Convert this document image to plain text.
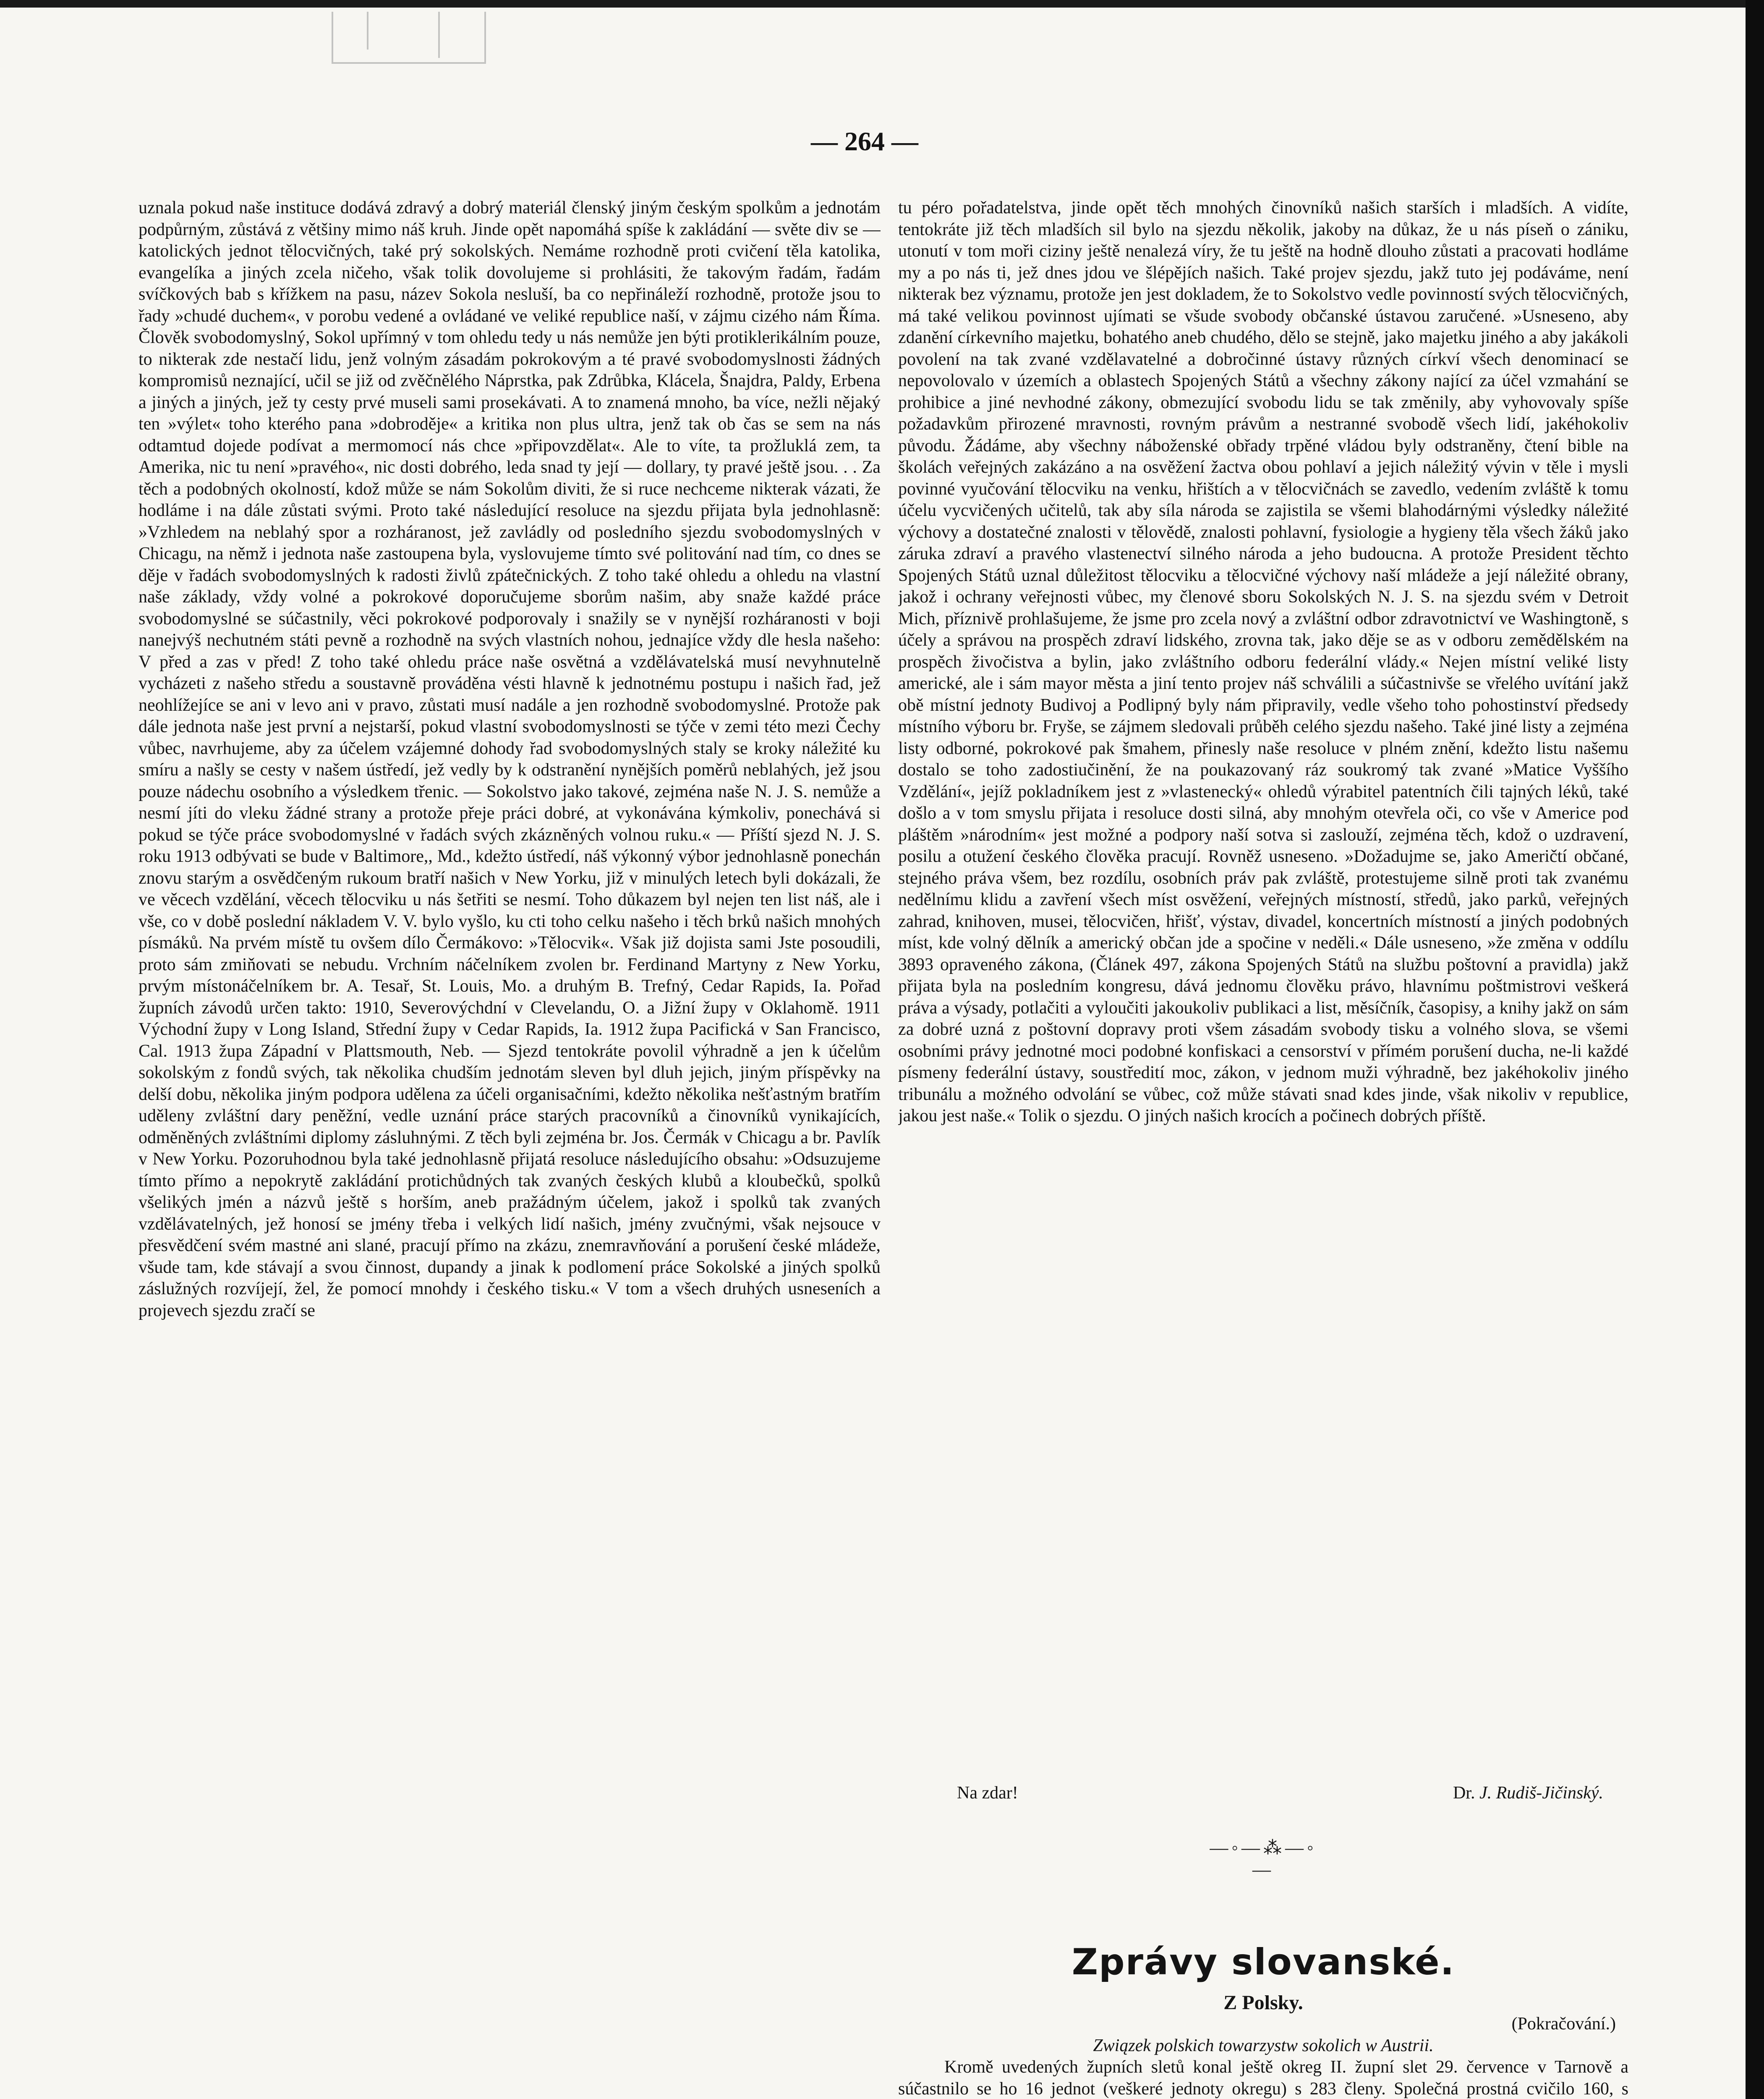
— 264 —

uznala pokud naše instituce dodává zdravý a dobrý materiál členský jiným českým spolkům a jednotám podpůrným, zůstává z většiny mimo náš kruh. Jinde opět napomáhá spíše k zakládání — světe div se — katolických jednot tělocvičných, také prý sokolských. Nemáme rozhodně proti cvičení těla katolika, evangelíka a jiných zcela ničeho, však tolik dovolujeme si prohlásiti, že takovým řadám, řadám svíčkových bab s křížkem na pasu, název Sokola nesluší, ba co nepřináleží rozhodně, protože jsou to řady »chudé duchem«, v porobu vedené a ovládané ve veliké republice naší, v zájmu cizého nám Říma. Člověk svobodomyslný, Sokol upřímný v tom ohledu tedy u nás nemůže jen býti protiklerikálním pouze, to nikterak zde nestačí lidu, jenž volným zásadám pokrokovým a té pravé svobodomyslnosti žádných kompromisů neznající, učil se již od zvěčnělého Náprstka, pak Zdrůbka, Klácela, Šnajdra, Paldy, Erbena a jiných a jiných, jež ty cesty prvé museli sami prosekávati. A to znamená mnoho, ba více, nežli nějaký ten »výlet« toho kterého pana »dobroděje« a kritika non plus ultra, jenž tak ob čas se sem na nás odtamtud dojede podívat a mermomocí nás chce »připovzdělat«. Ale to víte, ta prožluklá zem, ta Amerika, nic tu není »pravého«, nic dosti dobrého, leda snad ty její — dollary, ty pravé ještě jsou. . . Za těch a podobných okolností, kdož může se nám Sokolům diviti, že si ruce nechceme nikterak vázati, že hodláme i na dále zůstati svými. Proto také následující resoluce na sjezdu přijata byla jednohlasně: »Vzhledem na neblahý spor a rozháranost, jež zavládly od posledního sjezdu svobodomyslných v Chicagu, na němž i jednota naše zastoupena byla, vyslovujeme tímto své politování nad tím, co dnes se děje v řadách svobodomyslných k radosti živlů zpátečnických. Z toho také ohledu a ohledu na vlastní naše základy, vždy volné a pokrokové doporučujeme sborům našim, aby snaže každé práce svobodomyslné se súčastnily, věci pokrokové podporovaly i snažily se v nynější rozháranosti v boji nanejvýš nechutném státi pevně a rozhodně na svých vlastních nohou, jednajíce vždy dle hesla našeho: V před a zas v před! Z toho také ohledu práce naše osvětná a vzdělávatelská musí nevyhnutelně vycházeti z našeho středu a soustavně prováděna vésti hlavně k jednotnému postupu i našich řad, jež neohlížejíce se ani v levo ani v pravo, zůstati musí nadále a jen rozhodně svobodomyslné. Protože pak dále jednota naše jest první a nejstarší, pokud vlastní svobodomyslnosti se týče v zemi této mezi Čechy vůbec, navrhujeme, aby za účelem vzájemné dohody řad svobodomyslných staly se kroky náležité ku smíru a našly se cesty v našem ústředí, jež vedly by k odstranění nynějších poměrů neblahých, jež jsou pouze nádechu osobního a výsledkem třenic. — Sokolstvo jako takové, zejména naše N. J. S. nemůže a nesmí jíti do vleku žádné strany a protože přeje práci dobré, at vykonávána kýmkoliv, ponechává si pokud se týče práce svobodomyslné v řadách svých zkázněných volnou ruku.« — Příští sjezd N. J. S. roku 1913 odbývati se bude v Baltimore,, Md., kdežto ústředí, náš výkonný výbor jednohlasně ponechán znovu starým a osvědčeným rukoum bratří našich v New Yorku, již v minulých letech byli dokázali, že ve věcech vzdělání, věcech tělocviku u nás šetřiti se nesmí. Toho důkazem byl nejen ten list náš, ale i vše, co v době poslední nákladem V. V. bylo vyšlo, ku cti toho celku našeho i těch brků našich mnohých písmáků. Na prvém místě tu ovšem dílo Čermákovo: »Tělocvik«. Však již dojista sami Jste posoudili, proto sám zmiňovati se nebudu. Vrchním náčelníkem zvolen br. Ferdinand Martyny z New Yorku, prvým místonáčelníkem br. A. Tesař, St. Louis, Mo. a druhým B. Trefný, Cedar Rapids, Ia. Pořad župních závodů určen takto: 1910, Severovýchdní v Clevelandu, O. a Jižní župy v Oklahomě. 1911 Východní župy v Long Island, Střední župy v Cedar Rapids, Ia. 1912 župa Pacifická v San Francisco, Cal. 1913 župa Západní v Plattsmouth, Neb. — Sjezd tentokráte povolil výhradně a jen k účelům sokolským z fondů svých, tak několika chudším jednotám sleven byl dluh jejich, jiným příspěvky na delší dobu, několika jiným podpora udělena za účeli organisačními, kdežto několika nešťastným bratřím uděleny zvláštní dary peněžní, vedle uznání práce starých pracovníků a činovníků vynikajících, odměněných zvláštními diplomy zásluhnými. Z těch byli zejména br. Jos. Čermák v Chicagu a br. Pavlík v New Yorku. Pozoruhodnou byla také jednohlasně přijatá resoluce následujícího obsahu: »Odsuzujeme tímto přímo a nepokrytě zakládání protichůdných tak zvaných českých klubů a kloubečků, spolků všelikých jmén a názvů ještě s horším, aneb pražádným účelem, jakož i spolků tak zvaných vzdělávatelných, jež honosí se jmény třeba i velkých lidí našich, jmény zvučnými, však nejsouce v přesvědčení svém mastné ani slané, pracují přímo na zkázu, znemravňování a porušení české mládeže, všude tam, kde stávají a svou činnost, dupandy a jinak k podlomení práce Sokolské a jiných spolků záslužných rozvíjejí, žel, že pomocí mnohdy i českého tisku.« V tom a všech druhých usneseních a projevech sjezdu zračí se

tu péro pořadatelstva, jinde opět těch mnohých činovníků našich starších i mladších. A vidíte, tentokráte již těch mladších sil bylo na sjezdu několik, jakoby na důkaz, že u nás píseň o zániku, utonutí v tom moři ciziny ještě nenalezá víry, že tu ještě na hodně dlouho zůstati a pracovati hodláme my a po nás ti, jež dnes jdou ve šlépějích našich. Také projev sjezdu, jakž tuto jej podáváme, není nikterak bez významu, protože jen jest dokladem, že to Sokolstvo vedle povinností svých tělocvičných, má také velikou povinnost ujímati se všude svobody občanské ústavou zaručené. »Usneseno, aby zdanění církevního majetku, bohatého aneb chudého, dělo se stejně, jako majetku jiného a aby jakákoli povolení na tak zvané vzdělavatelné a dobročinné ústavy různých církví všech denominací se nepovolovalo v územích a oblastech Spojených Států a všechny zákony nající za účel vzmahání se prohibice a jiné nevhodné zákony, obmezující svobodu lidu se tak změnily, aby vyhovovaly spíše požadavkům přirozené mravnosti, rovným právům a nestranné svobodě všech lidí, jakéhokoliv původu. Žádáme, aby všechny náboženské obřady trpěné vládou byly odstraněny, čtení bible na školách veřejných zakázáno a na osvěžení žactva obou pohlaví a jejich náležitý vývin v těle i mysli povinné vyučování tělocviku na venku, hřištích a v tělocvičnách se zavedlo, vedením zvláště k tomu účelu vycvičených učitelů, tak aby síla národa se zajistila se všemi blahodárnými výsledky náležité výchovy a dostatečné znalosti v tělovědě, znalosti pohlavní, fysiologie a hygieny těla všech žáků jako záruka zdraví a pravého vlastenectví silného národa a jeho budoucna. A protože President těchto Spojených Států uznal důležitost tělocviku a tělocvičné výchovy naší mládeže a její náležité obrany, jakož i ochrany veřejnosti vůbec, my členové sboru Sokolských N. J. S. na sjezdu svém v Detroit Mich, příznivě prohlašujeme, že jsme pro zcela nový a zvláštní odbor zdravotnictví ve Washingtoně, s účely a správou na prospěch zdraví lidského, zrovna tak, jako děje se as v odboru zemědělském na prospěch živočistva a bylin, jako zvláštního odboru federální vlády.« Nejen místní veliké listy americké, ale i sám mayor města a jiní tento projev náš schválili a súčastnivše se vřelého uvítání jakž obě místní jednoty Budivoj a Podlipný byly nám připravily, vedle všeho toho pohostinství předsedy místního výboru br. Fryše, se zájmem sledovali průběh celého sjezdu našeho. Také jiné listy a zejména listy odborné, pokrokové pak šmahem, přinesly naše resoluce v plném znění, kdežto listu našemu dostalo se toho zadostiučinění, že na poukazovaný ráz soukromý tak zvané »Matice Vyššího Vzdělání«, jejíž pokladníkem jest z »vlastenecký« ohledů výrabitel patentních čili tajných léků, také došlo a v tom smyslu přijata i resoluce dosti silná, aby mnohým otevřela oči, co vše v Americe pod pláštěm »národním« jest možné a podpory naší sotva si zaslouží, zejména těch, kdož o uzdravení, posilu a otužení českého člověka pracují. Rovněž usneseno. »Dožadujme se, jako Američtí občané, stejného práva všem, bez rozdílu, osobních práv pak zvláště, protestujeme silně proti tak zvanému nedělnímu klidu a zavření všech míst osvěžení, veřejných místností, středů, jako parků, veřejných zahrad, knihoven, musei, tělocvičen, hřišť, výstav, divadel, koncertních místností a jiných podobných míst, kde volný dělník a americký občan jde a spočine v neděli.« Dále usneseno, »že změna v oddílu 3893 opraveného zákona, (Článek 497, zákona Spojených Států na službu poštovní a pravidla) jakž přijata byla na posledním kongresu, dává jednomu člověku právo, hlavnímu poštmistrovi veškerá práva a výsady, potlačiti a vyloučiti jakoukoliv publikaci a list, měsíčník, časopisy, a knihy jakž on sám za dobré uzná z poštovní dopravy proti všem zásadám svobody tisku a volného slova, se všemi osobními právy jednotné moci podobné konfiskaci a censorství v přímém porušení ducha, ne-li každé písmeny federální ústavy, soustředití moc, zákon, v jednom muži výhradně, bez jakéhokoliv jiného tribunálu a možného odvolání se vůbec, což může stávati snad kdes jinde, však nikoliv v republice, jakou jest naše.« Tolik o sjezdu. O jiných našich krocích a počinech dobrých příště.

Na zdar!	Dr. J. Rudiš-Jičinský.
—◦—⁂—◦—
Zprávy slovanské.
Z Polsky.

(Pokračování.)

Związek polskich towarzystw sokolich w Austrii.

Kromě uvedených župních sletů konal ještě okreg II. župní slet 29. července v Tarnově a súčastnilo se ho 16 jednot (veškeré jednoty okregu) s 283 členy. Společná prostná cvičilo 160, s
